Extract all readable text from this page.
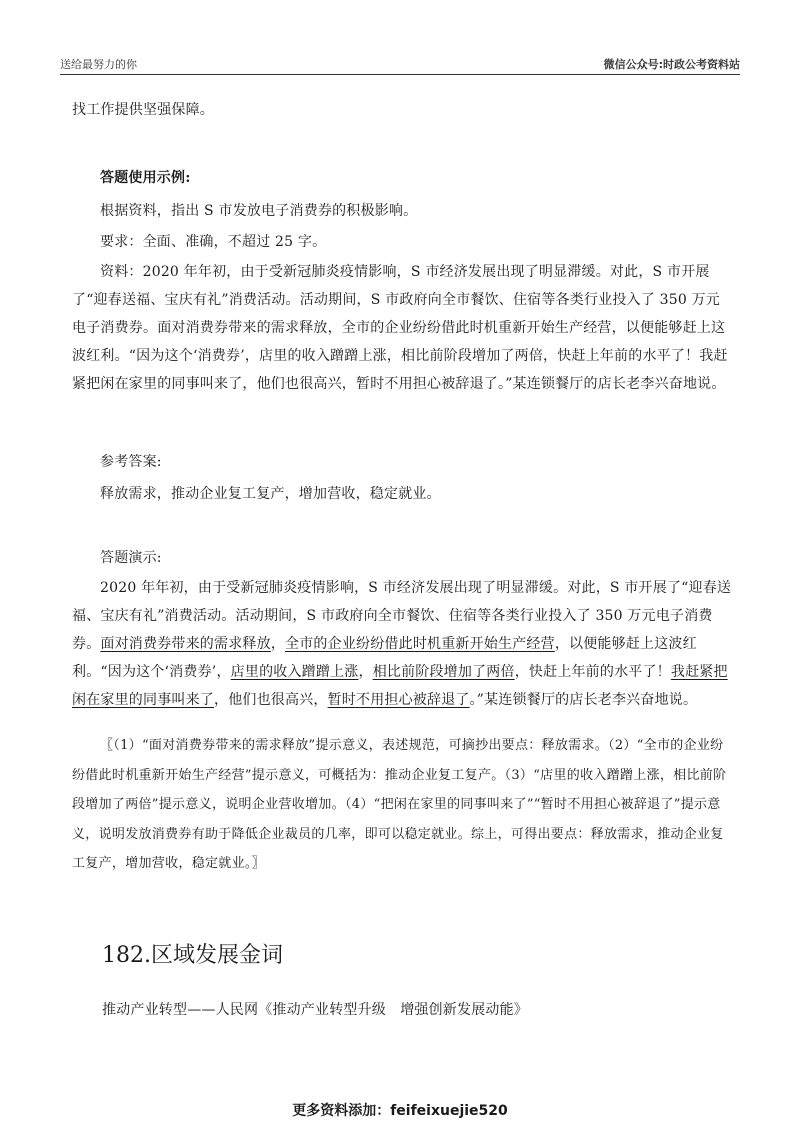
送给最努力的你	微信公众号:时政公考资料站
找工作提供坚强保障。
答题使用示例:
根据资料，指出 S 市发放电子消费券的积极影响。
要求：全面、准确，不超过 25 字。
资料：2020 年年初，由于受新冠肺炎疫情影响，S 市经济发展出现了明显滞缓。对此，S 市开展了“迎春送福、宝庆有礼”消费活动。活动期间，S 市政府向全市餐饮、住宿等各类行业投入了 350 万元电子消费券。面对消费券带来的需求释放，全市的企业纷纷借此时机重新开始生产经营，以便能够赶上这波红利。“因为这个‘消费券’，店里的收入蹭蹭上涨，相比前阶段增加了两倍，快赶上年前的水平了！我赶紧把闲在家里的同事叫来了，他们也很高兴，暂时不用担心被辞退了。”某连锁餐厅的店长老李兴奋地说。
参考答案:
释放需求，推动企业复工复产，增加营收，稳定就业。
答题演示:
2020 年年初，由于受新冠肺炎疫情影响，S 市经济发展出现了明显滞缓。对此，S 市开展了“迎春送福、宝庆有礼”消费活动。活动期间，S 市政府向全市餐饮、住宿等各类行业投入了 350 万元电子消费券。面对消费券带来的需求释放，全市的企业纷纷借此时机重新开始生产经营，以便能够赶上这波红利。“因为这个‘消费券’，店里的收入蹭蹭上涨，相比前阶段增加了两倍，快赶上年前的水平了！我赶紧把闲在家里的同事叫来了，他们也很高兴，暂时不用担心被辞退了。”某连锁餐厅的店长老李兴奋地说。
〖（1）“面对消费券带来的需求释放”提示意义，表述规范，可摘抄出要点：释放需求。（2）“全市的企业纷纷借此时机重新开始生产经营”提示意义，可概括为：推动企业复工复产。（3）“店里的收入蹭蹭上涨，相比前阶段增加了两倍”提示意义，说明企业营收增加。（4）“把闲在家里的同事叫来了”“暂时不用担心被辞退了”提示意义，说明发放消费券有助于降低企业裁员的几率，即可以稳定就业。综上，可得出要点：释放需求，推动企业复工复产，增加营收，稳定就业。〗
182.区域发展金词
推动产业转型——人民网《推动产业转型升级　增强创新发展动能》
更多资料添加：feifeixuejie520
